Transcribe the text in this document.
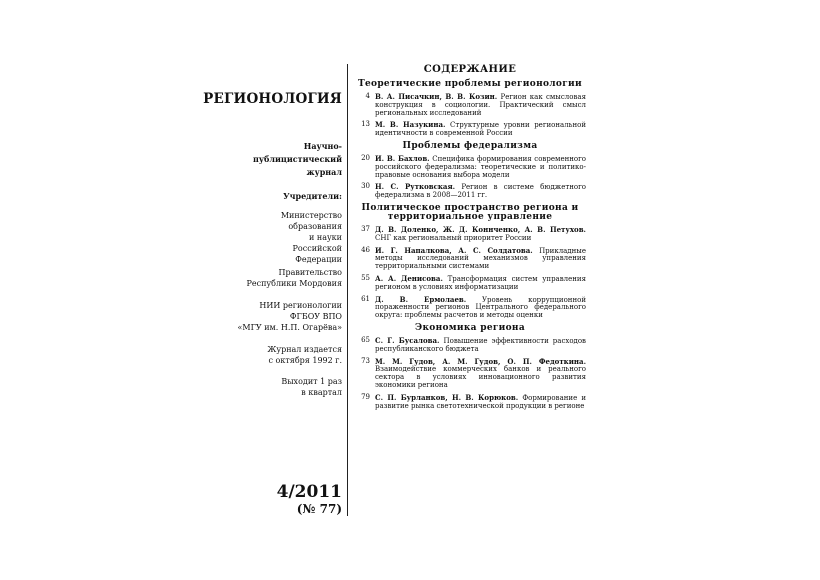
РЕГИОНОЛОГИЯ
Научно-
публицистический
журнал
Учредители:
Министерство
образования
и науки
Российской
Федерации
Правительство
Республики Мордовия
НИИ регионологии
ФГБОУ ВПО
«МГУ им. Н.П. Огарёва»
Журнал издается
с октября 1992 г.
Выходит 1 раз
в квартал
4/2011
(№ 77)
СОДЕРЖАНИЕ
Теоретические проблемы регионологии
4 В. А. Писачкин, В. В. Козин. Регион как смысловая конструкция в социологии. Практический смысл региональных исследований
13 М. В. Назукина. Структурные уровни региональной идентичности в современной России
Проблемы федерализма
20 И. В. Бахлов. Специфика формирования современного российского федерализма: теоретические и политико-правовые основания выбора модели
30 Н. С. Рутковская. Регион в системе бюджетного федерализма в 2008—2011 гг.
Политическое пространство региона и территориальное управление
37 Д. В. Доленко, Ж. Д. Коннченко, А. В. Петухов. СНГ как региональный приоритет России
46 И. Г. Напалкова, А. С. Солдатова. Прикладные методы исследований механизмов управления территориальными системами
55 А. А. Денисова. Трансформация систем управления регионом в условиях информатизации
61 Д. В. Ермолаев. Уровень коррупционной пораженности регионов Центрального федерального округа: проблемы расчетов и методы оценки
Экономика региона
65 С. Г. Бусалова. Повышение эффективности расходов республиканского бюджета
73 М. М. Гудов, А. М. Гудов, О. П. Федоткина. Взаимодействие коммерческих банков и реального сектора в условиях инновационного развития экономики региона
79 С. П. Бурланков, Н. В. Корюков. Формирование и развитие рынка светотехнической продукции в регионе
